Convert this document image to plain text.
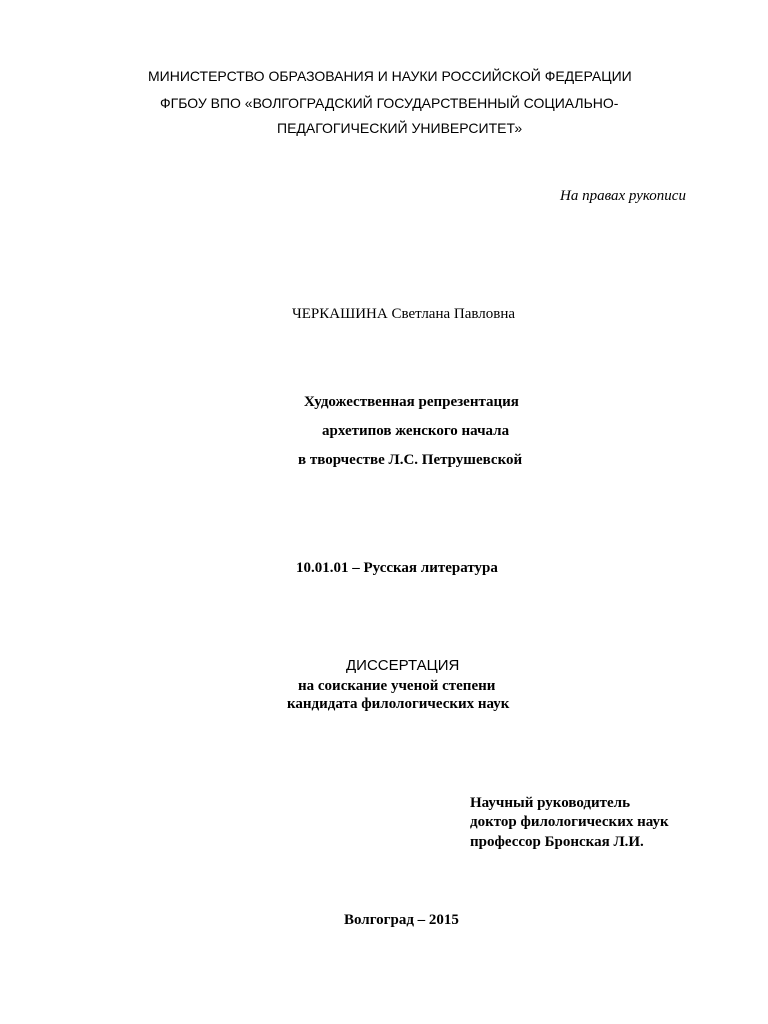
МИНИСТЕРСТВО ОБРАЗОВАНИЯ И НАУКИ РОССИЙСКОЙ ФЕДЕРАЦИИ
ФГБОУ ВПО «ВОЛГОГРАДСКИЙ ГОСУДАРСТВЕННЫЙ СОЦИАЛЬНО-
ПЕДАГОГИЧЕСКИЙ УНИВЕРСИТЕТ»
На правах рукописи
ЧЕРКАШИНА Светлана Павловна
Художественная репрезентация
архетипов женского начала
в творчестве Л.С. Петрушевской
10.01.01 – Русская литература
ДИССЕРТАЦИЯ
на соискание ученой степени
кандидата филологических наук
Научный руководитель
доктор филологических наук
профессор Бронская Л.И.
Волгоград – 2015
